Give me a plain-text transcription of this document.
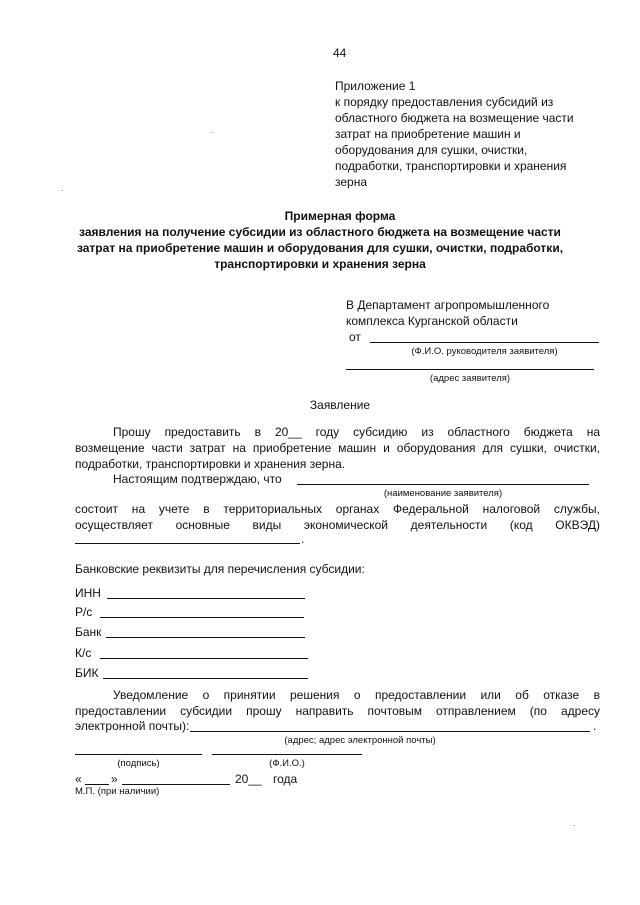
44
Приложение 1
к порядку предоставления субсидий из
областного бюджета на возмещение части
затрат на приобретение машин и
оборудования для сушки, очистки,
подработки, транспортировки и хранения
зерна
Примерная форма
заявления на получение субсидии из областного бюджета на возмещение части
затрат на приобретение машин и оборудования для сушки, очистки, подработки,
транспортировки и хранения зерна
В Департамент агропромышленного
комплекса Курганской области
от
(Ф.И.О. руководителя заявителя)
(адрес заявителя)
Заявление
Прошу предоставить в 20__ году субсидию из областного бюджета на
возмещение части затрат на приобретение машин и оборудования для сушки, очистки,
подработки, транспортировки и хранения зерна.
Настоящим подтверждаю, что
(наименование заявителя)
состоит на учете в территориальных органах Федеральной налоговой службы,
осуществляет основные виды экономической деятельности (код ОКВЭД)
.
Банковские реквизиты для перечисления субсидии:
ИНН
Р/с
Банк
К/с
БИК
Уведомление о принятии решения о предоставлении или об отказе в
предоставлении субсидии прошу направить почтовым отправлением (по адресу
электронной почты):	.
(адрес; адрес электронной почты)
(подпись)	(Ф.И.О.)
« »	20__ года
М.П. (при наличии)
